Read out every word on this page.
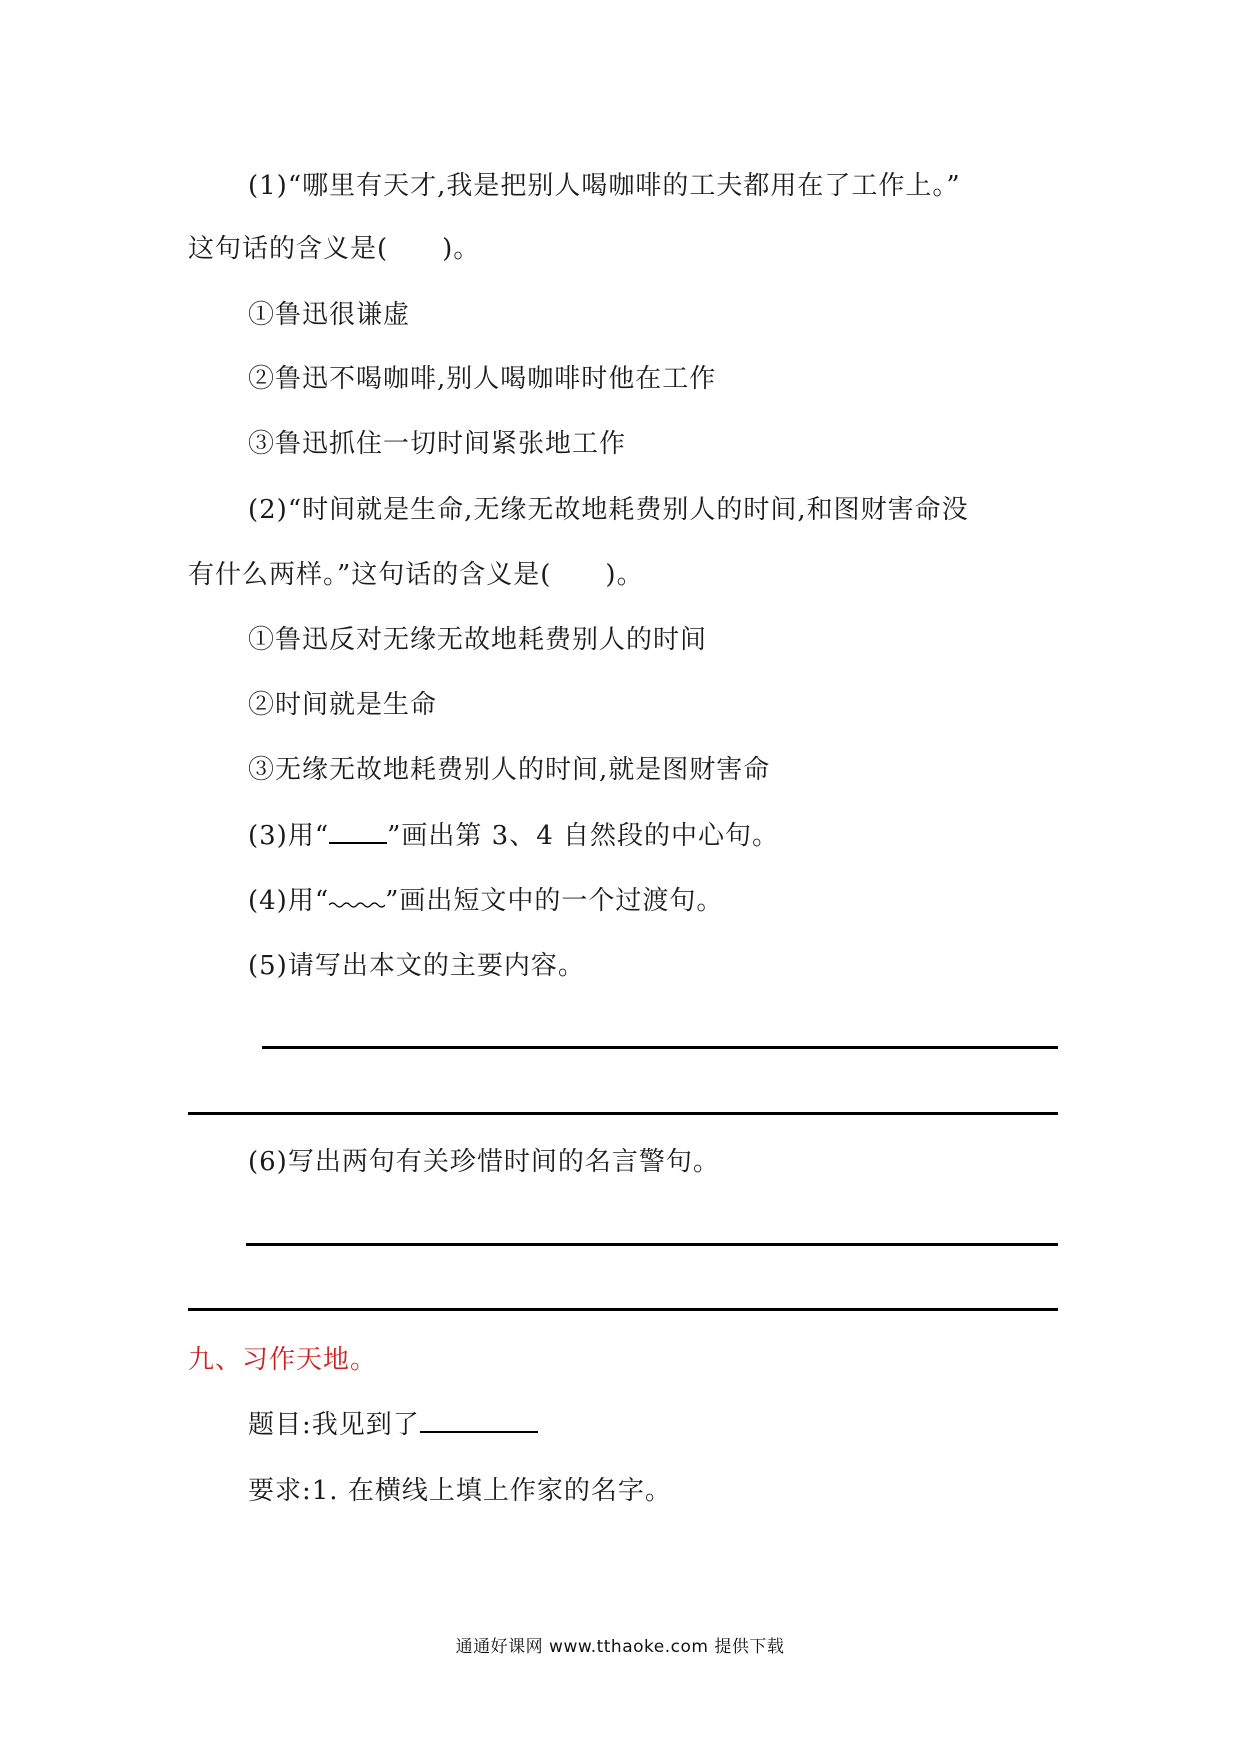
(1)“哪里有天才,我是把别人喝咖啡的工夫都用在了工作上。”
这句话的含义是(　　)。
①鲁迅很谦虚
②鲁迅不喝咖啡,别人喝咖啡时他在工作
③鲁迅抓住一切时间紧张地工作
(2)“时间就是生命,无缘无故地耗费别人的时间,和图财害命没
有什么两样。”这句话的含义是(　　)。
①鲁迅反对无缘无故地耗费别人的时间
②时间就是生命
③无缘无故地耗费别人的时间,就是图财害命
(3)用“ ”画出第 3、4 自然段的中心句。
(4)用“ ”画出短文中的一个过渡句。
(5)请写出本文的主要内容。
(6)写出两句有关珍惜时间的名言警句。
九、习作天地。
题目:我见到了
要求:1. 在横线上填上作家的名字。
通通好课网 www.tthaoke.com 提供下载
